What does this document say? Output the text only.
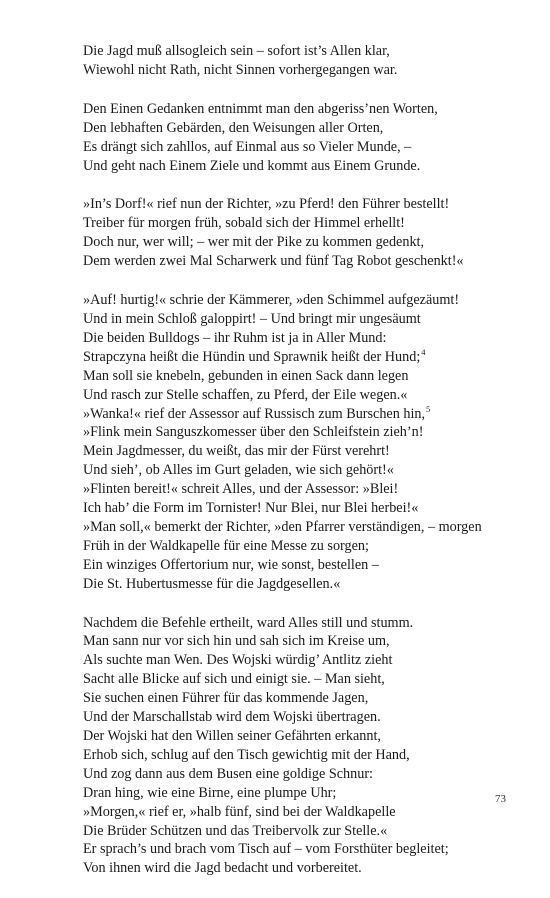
Die Jagd muß allsogleich sein – sofort ist’s Allen klar,
Wiewohl nicht Rath, nicht Sinnen vorhergegangen war.
Den Einen Gedanken entnimmt man den abgeriss’nen Worten,
Den lebhaften Gebärden, den Weisungen aller Orten,
Es drängt sich zahllos, auf Einmal aus so Vieler Munde, –
Und geht nach Einem Ziele und kommt aus Einem Grunde.
»In’s Dorf!« rief nun der Richter, »zu Pferd! den Führer bestellt!
Treiber für morgen früh, sobald sich der Himmel erhellt!
Doch nur, wer will; – wer mit der Pike zu kommen gedenkt,
Dem werden zwei Mal Scharwerk und fünf Tag Robot geschenkt!«
»Auf! hurtig!« schrie der Kämmerer, »den Schimmel aufgezäumt!
Und in mein Schloß galoppirt! – Und bringt mir ungesäumt
Die beiden Bulldogs – ihr Ruhm ist ja in Aller Mund:
Strapczyna heißt die Hündin und Sprawnik heißt der Hund;$^4$
Man soll sie knebeln, gebunden in einen Sack dann legen
Und rasch zur Stelle schaffen, zu Pferd, der Eile wegen.«
»Wanka!« rief der Assessor auf Russisch zum Burschen hin,$^5$
»Flink mein Sanguszkomesser über den Schleifstein zieh’n!
Mein Jagdmesser, du weißt, das mir der Fürst verehrt!
Und sieh’, ob Alles im Gurt geladen, wie sich gehört!«
»Flinten bereit!« schreit Alles, und der Assessor: »Blei!
Ich hab’ die Form im Tornister! Nur Blei, nur Blei herbei!«
»Man soll,« bemerkt der Richter, »den Pfarrer verständigen, – morgen
Früh in der Waldkapelle für eine Messe zu sorgen;
Ein winziges Offertorium nur, wie sonst, bestellen –
Die St. Hubertusmesse für die Jagdgesellen.«
Nachdem die Befehle ertheilt, ward Alles still und stumm.
Man sann nur vor sich hin und sah sich im Kreise um,
Als suchte man Wen. Des Wojski würdig’ Antlitz zieht
Sacht alle Blicke auf sich und einigt sie. – Man sieht,
Sie suchen einen Führer für das kommende Jagen,
Und der Marschallstab wird dem Wojski übertragen.
Der Wojski hat den Willen seiner Gefährten erkannt,
Erhob sich, schlug auf den Tisch gewichtig mit der Hand,
Und zog dann aus dem Busen eine goldige Schnur:
Dran hing, wie eine Birne, eine plumpe Uhr;
»Morgen,« rief er, »halb fünf, sind bei der Waldkapelle
Die Brüder Schützen und das Treibervolk zur Stelle.«
Er sprach’s und brach vom Tisch auf – vom Forsthüter begleitet;
Von ihnen wird die Jagd bedacht und vorbereitet.
73
